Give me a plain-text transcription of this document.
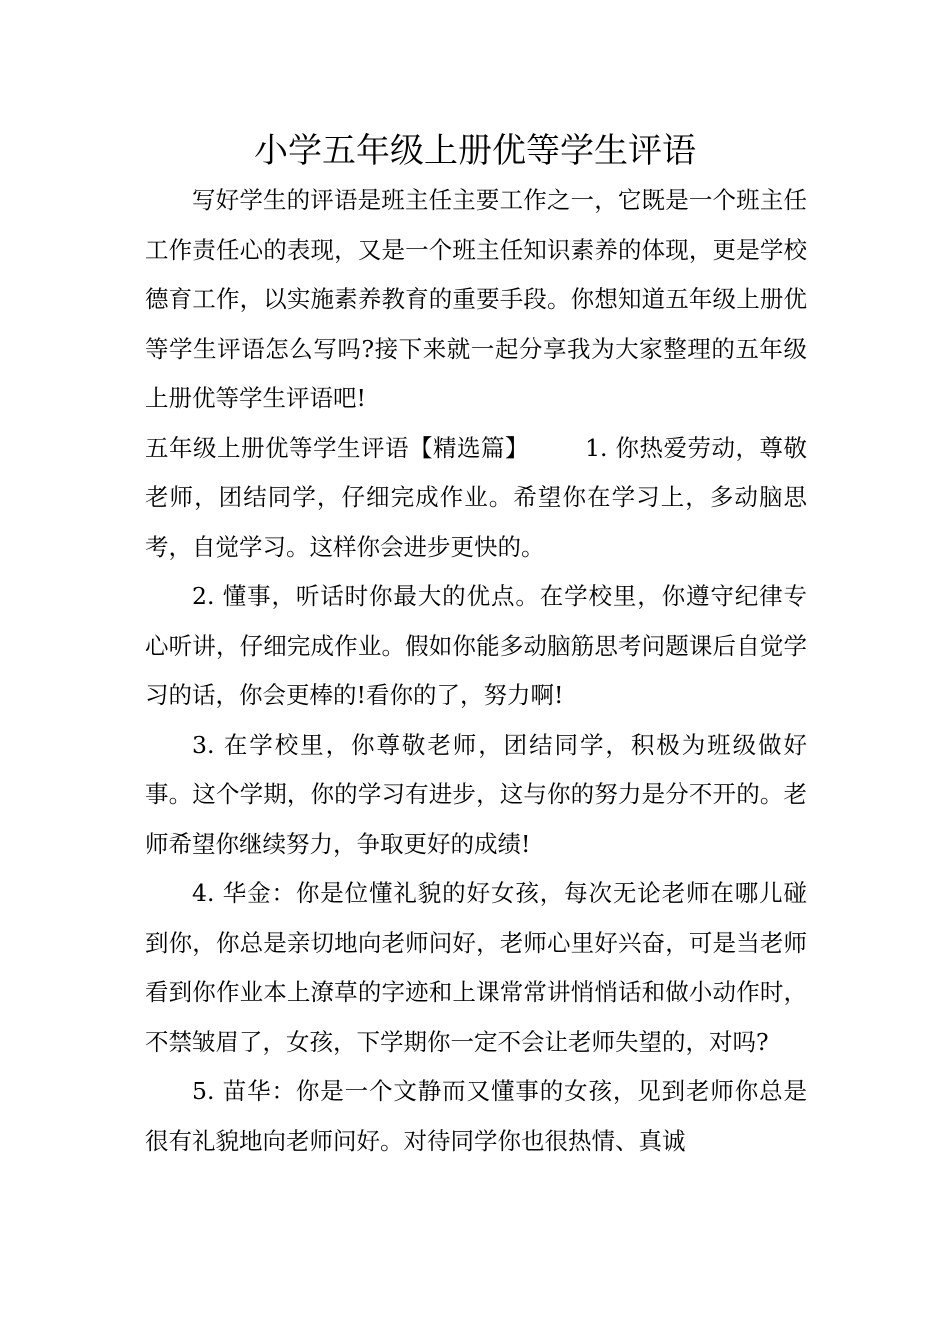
小学五年级上册优等学生评语

写好学生的评语是班主任主要工作之一，它既是一个班主任工作责任心的表现，又是一个班主任知识素养的体现，更是学校德育工作，以实施素养教育的重要手段。你想知道五年级上册优等学生评语怎么写吗?接下来就一起分享我为大家整理的五年级上册优等学生评语吧!

五年级上册优等学生评语【精选篇】 1. 你热爱劳动，尊敬老师，团结同学，仔细完成作业。希望你在学习上，多动脑思考，自觉学习。这样你会进步更快的。

2. 懂事，听话时你最大的优点。在学校里，你遵守纪律专心听讲，仔细完成作业。假如你能多动脑筋思考问题课后自觉学习的话，你会更棒的!看你的了，努力啊!

3. 在学校里，你尊敬老师，团结同学，积极为班级做好事。这个学期，你的学习有进步，这与你的努力是分不开的。老师希望你继续努力，争取更好的成绩!

4. 华金：你是位懂礼貌的好女孩，每次无论老师在哪儿碰到你，你总是亲切地向老师问好，老师心里好兴奋，可是当老师看到你作业本上潦草的字迹和上课常常讲悄悄话和做小动作时，不禁皱眉了，女孩，下学期你一定不会让老师失望的，对吗?

5. 苗华：你是一个文静而又懂事的女孩，见到老师你总是很有礼貌地向老师问好。对待同学你也很热情、真诚
